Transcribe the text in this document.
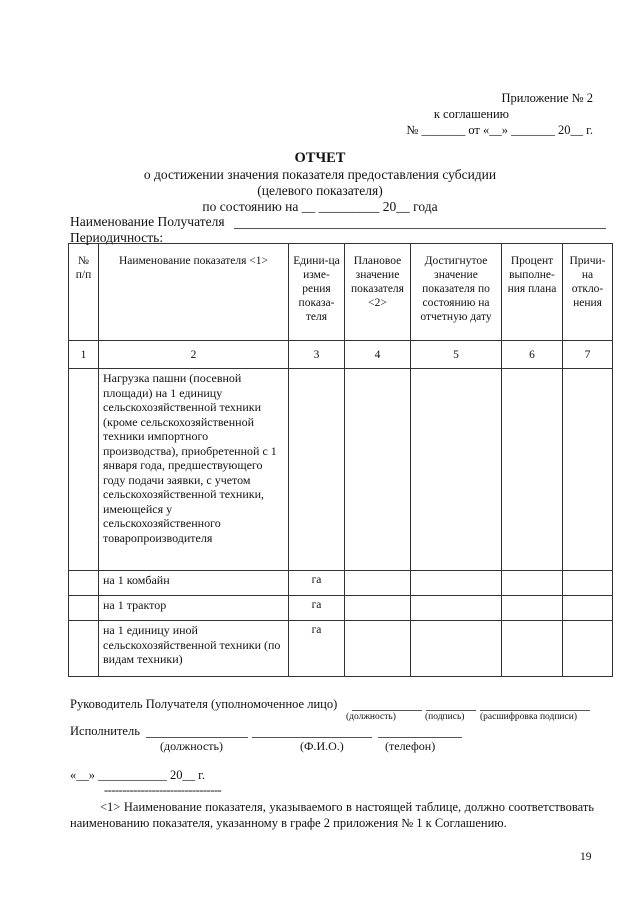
Приложение № 2
к соглашению
№ _______ от «__» _______ 20__ г.
ОТЧЕТ
о достижении значения показателя предоставления субсидии
(целевого показателя)
по состоянию на __ _________ 20__ года
Наименование Получателя
Периодичность:
№ п/п	Наименование показателя <1>	Едини-ца изме-рения показа-теля	Плановое значение показателя <2>	Достигнутое значение показателя по состоянию на отчетную дату	Процент выполне-ния плана	Причи-на откло-нения
1	2	3	4	5	6	7
	Нагрузка пашни (посевной площади) на 1 единицу сельскохозяйственной техники (кроме сельскохозяйственной техники импортного производства), приобретенной с 1 января года, предшествующего году подачи заявки, с учетом сельскохозяйственной техники, имеющейся у сельскохозяйственного товаропроизводителя					
	на 1 комбайн	га				
	на 1 трактор	га				
	на 1 единицу иной сельскохозяйственной техники (по видам техники)	га				
Руководитель Получателя (уполномоченное лицо)
(должность)	(подпись) (расшифровка подписи)
Исполнитель
(должность)	(Ф.И.О.)	(телефон)
«__» ___________ 20__ г.
--------------------------------
<1> Наименование показателя, указываемого в настоящей таблице, должно соответствовать наименованию показателя, указанному в графе 2 приложения № 1 к Соглашению.
19
